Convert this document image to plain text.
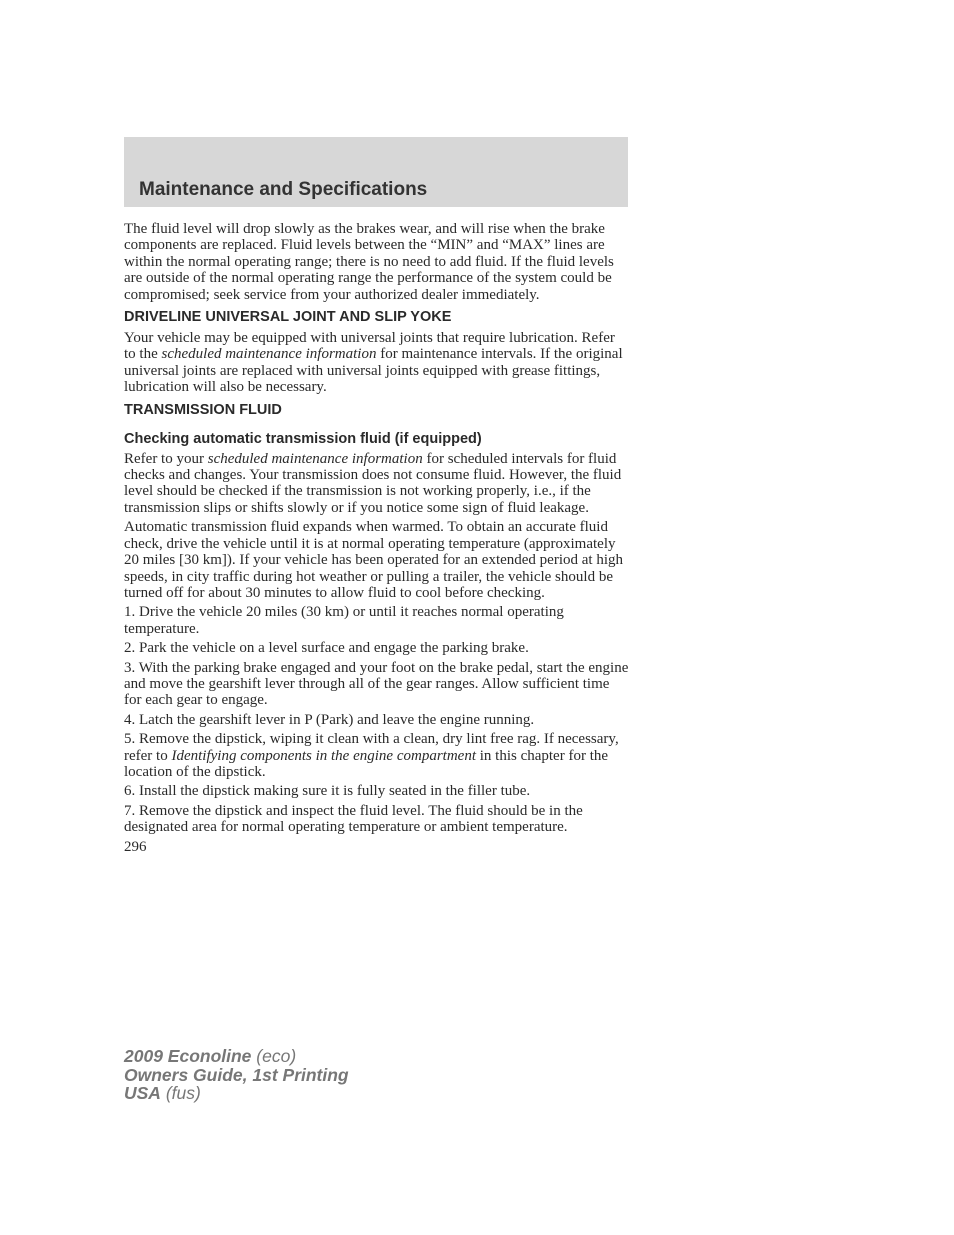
Maintenance and Specifications

The fluid level will drop slowly as the brakes wear, and will rise when the brake components are replaced. Fluid levels between the “MIN” and “MAX” lines are within the normal operating range; there is no need to add fluid. If the fluid levels are outside of the normal operating range the performance of the system could be compromised; seek service from your authorized dealer immediately.

DRIVELINE UNIVERSAL JOINT AND SLIP YOKE

Your vehicle may be equipped with universal joints that require lubrication. Refer to the scheduled maintenance information for maintenance intervals. If the original universal joints are replaced with universal joints equipped with grease fittings, lubrication will also be necessary.

TRANSMISSION FLUID
Checking automatic transmission fluid (if equipped)

Refer to your scheduled maintenance information for scheduled intervals for fluid checks and changes. Your transmission does not consume fluid. However, the fluid level should be checked if the transmission is not working properly, i.e., if the transmission slips or shifts slowly or if you notice some sign of fluid leakage.

Automatic transmission fluid expands when warmed. To obtain an accurate fluid check, drive the vehicle until it is at normal operating temperature (approximately 20 miles [30 km]). If your vehicle has been operated for an extended period at high speeds, in city traffic during hot weather or pulling a trailer, the vehicle should be turned off for about 30 minutes to allow fluid to cool before checking.

1. Drive the vehicle 20 miles (30 km) or until it reaches normal operating temperature.

2. Park the vehicle on a level surface and engage the parking brake.

3. With the parking brake engaged and your foot on the brake pedal, start the engine and move the gearshift lever through all of the gear ranges. Allow sufficient time for each gear to engage.

4. Latch the gearshift lever in P (Park) and leave the engine running.

5. Remove the dipstick, wiping it clean with a clean, dry lint free rag. If necessary, refer to Identifying components in the engine compartment in this chapter for the location of the dipstick.

6. Install the dipstick making sure it is fully seated in the filler tube.

7. Remove the dipstick and inspect the fluid level. The fluid should be in the designated area for normal operating temperature or ambient temperature.

296

2009 Econoline (eco)
Owners Guide, 1st Printing
USA (fus)
